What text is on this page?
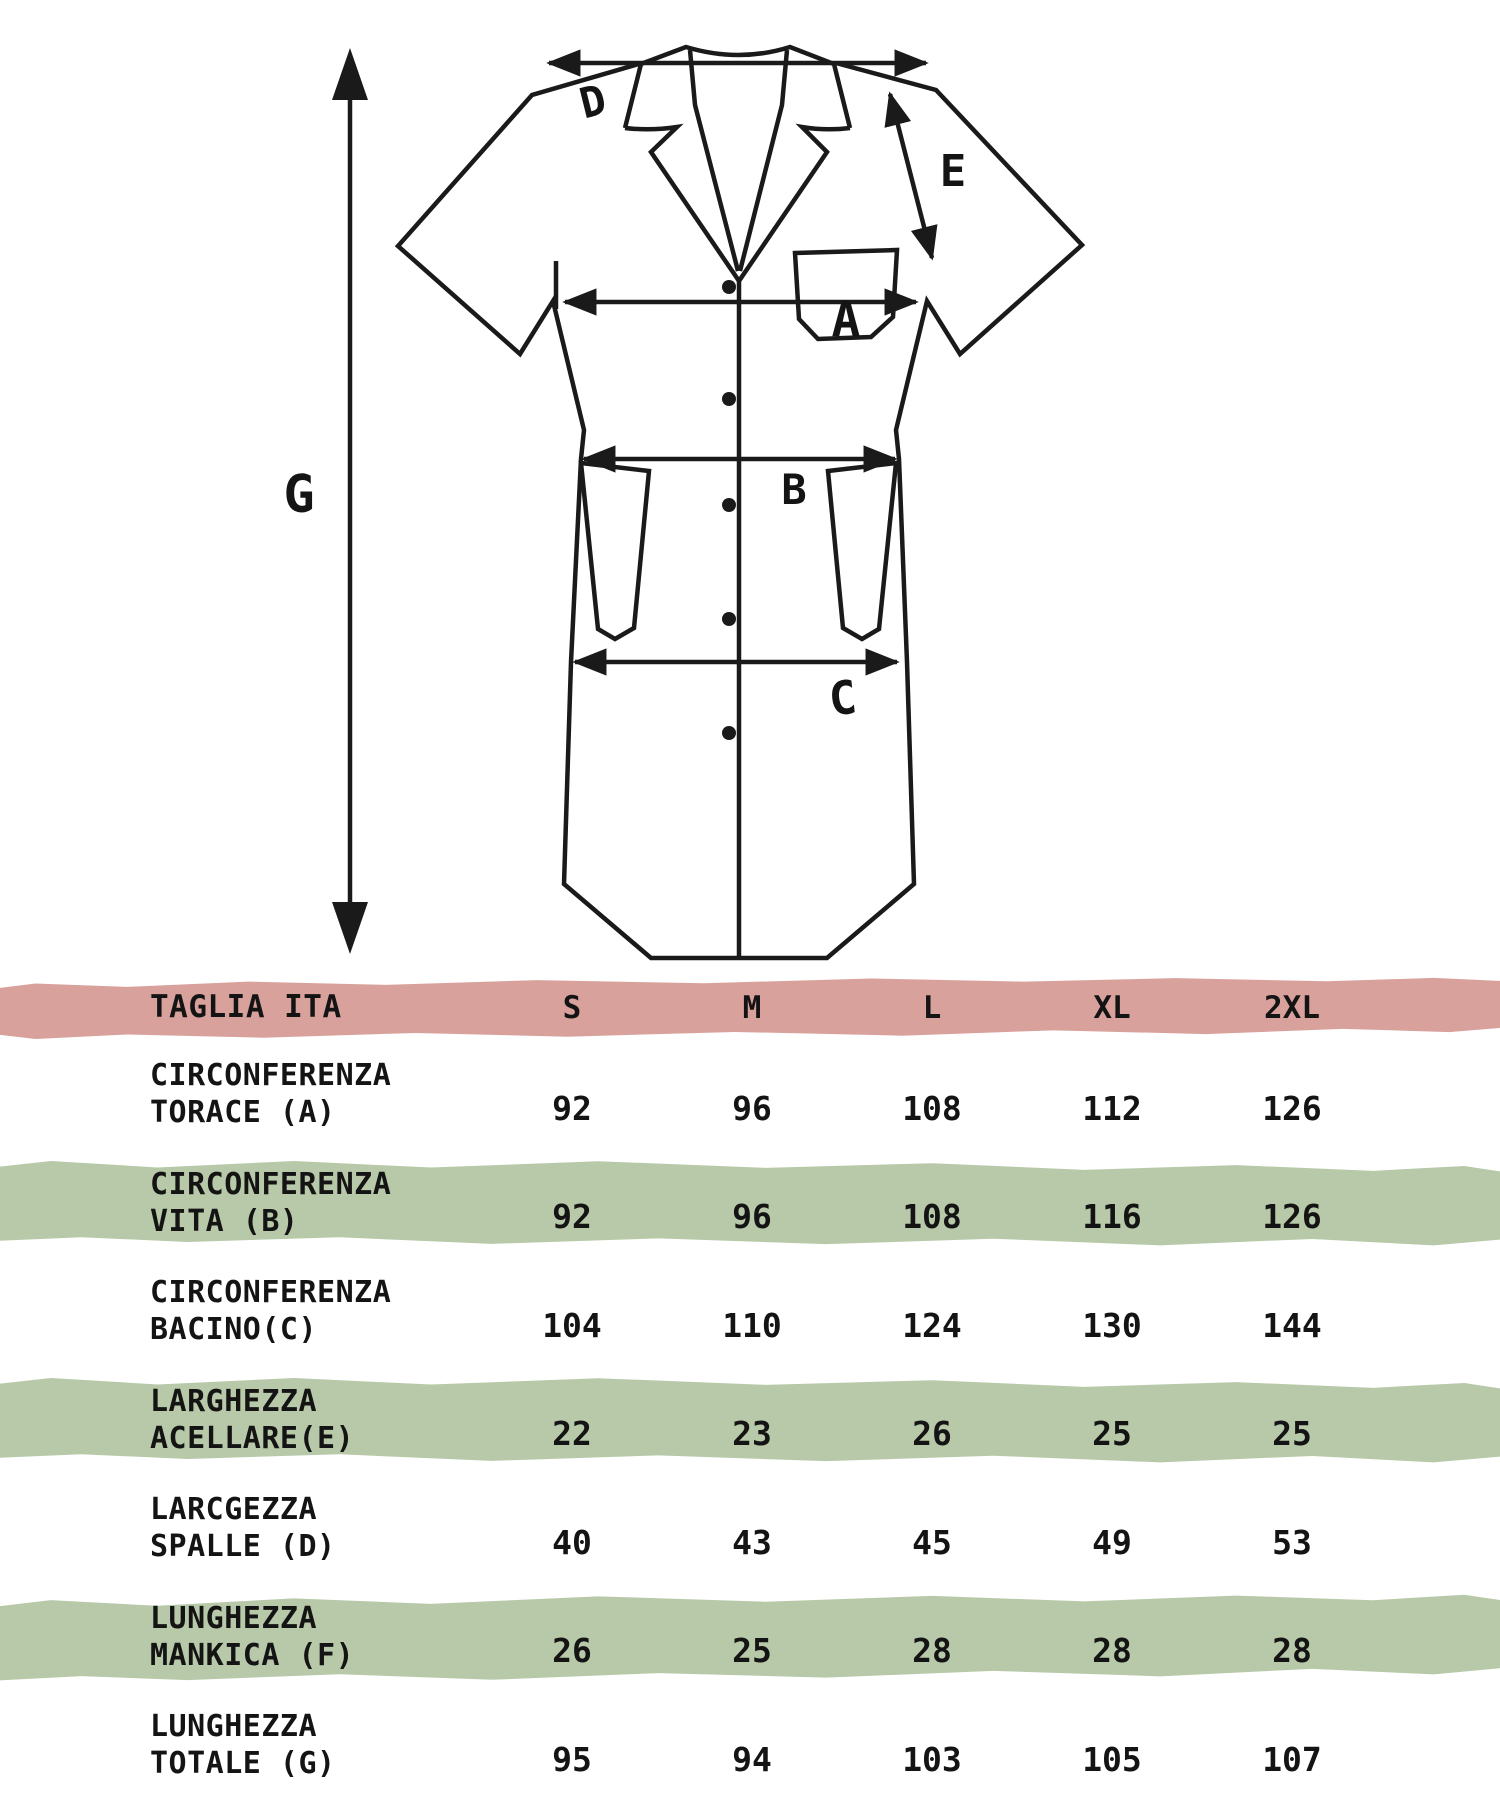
D
E
A
B
C
G
TAGLIA ITA	S	M	L	XL	2XL
CIRCONFERENZA
TORACE (A)	92	96	108	112	126
CIRCONFERENZA
VITA (B)	92	96	108	116	126
CIRCONFERENZA
BACINO(C)	104	110	124	130	144
LARGHEZZA
ACELLARE(E)	22	23	26	25	25
LARCGEZZA
SPALLE (D)	40	43	45	49	53
LUNGHEZZA
MANKICA (F)	26	25	28	28	28
LUNGHEZZA
TOTALE (G)	95	94	103	105	107
